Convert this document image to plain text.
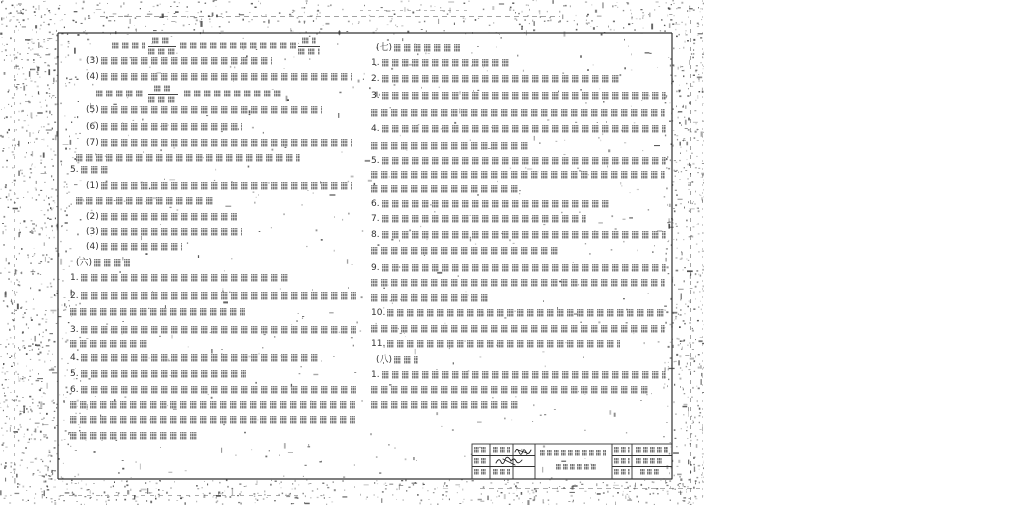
(3)
(4)
(5)
(6)
(7)
5.
(1)
(2)
(3)
(4)
(六)
1.
2.
3.
4.
5.
6.
(七)
1.
2.
3.
4.
5.
6.
7.
8.
9.
10.
11.
(八)
1.
